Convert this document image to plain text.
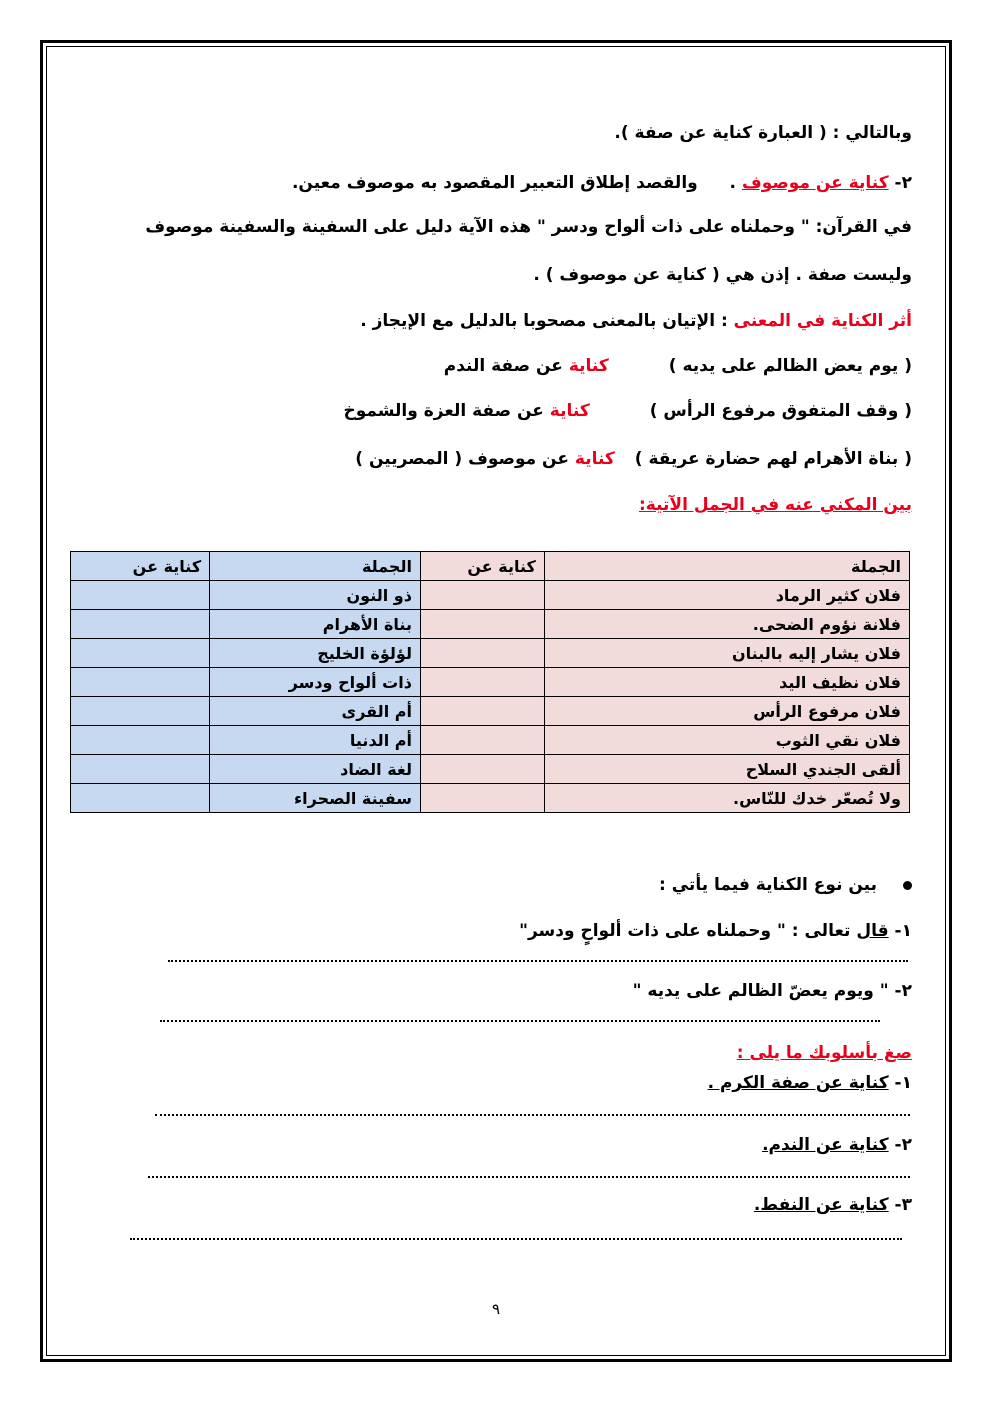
وبالتالي : ( العبارة كناية عن صفة ).
٢- كناية عن موصوف .  والقصد إطلاق التعبير المقصود به موصوف معين.
في القرآن: " وحملناه على ذات ألواح ودسر " هذه الآية دليل على السفينة والسفينة موصوف
وليست صفة . إذن هي ( كناية عن موصوف ) .
أثر الكناية في المعنى : الإتيان بالمعنى مصحوبا بالدليل مع الإيجاز .
( يوم يعض الظالم على يديه )كناية عن صفة الندم
( وقف المتفوق مرفوع الرأس )كناية عن صفة العزة والشموخ
( بناة الأهرام لهم حضارة عريقة )كناية عن موصوف ( المصريين )
بين المكني عنه في الجمل الآتية:
الجملة	كناية عن	الجملة	كناية عن
فلان كثير الرماد		ذو النون	
فلانة نؤوم الضحى.		بناة الأهرام	
فلان يشار إليه بالبنان		لؤلؤة الخليج	
فلان نظيف اليد		ذات ألواح ودسر	
فلان مرفوع الرأس		أم القرى	
فلان نقي الثوب		أم الدنيا	
ألقى الجندي السلاح		لغة الضاد	
ولا تُصعّر خدك للنّاس.		سفينة الصحراء	
بين نوع الكناية فيما يأتي :
١- قال تعالى : " وحملناه على ذات ألواحٍ ودسر"
٢- " ويوم يعضّ الظالم على يديه "
صغ بأسلوبك ما يلى :
١- كناية عن صفة الكرم .
٢- كناية عن الندم.
٣- كناية عن النفط.
٩
